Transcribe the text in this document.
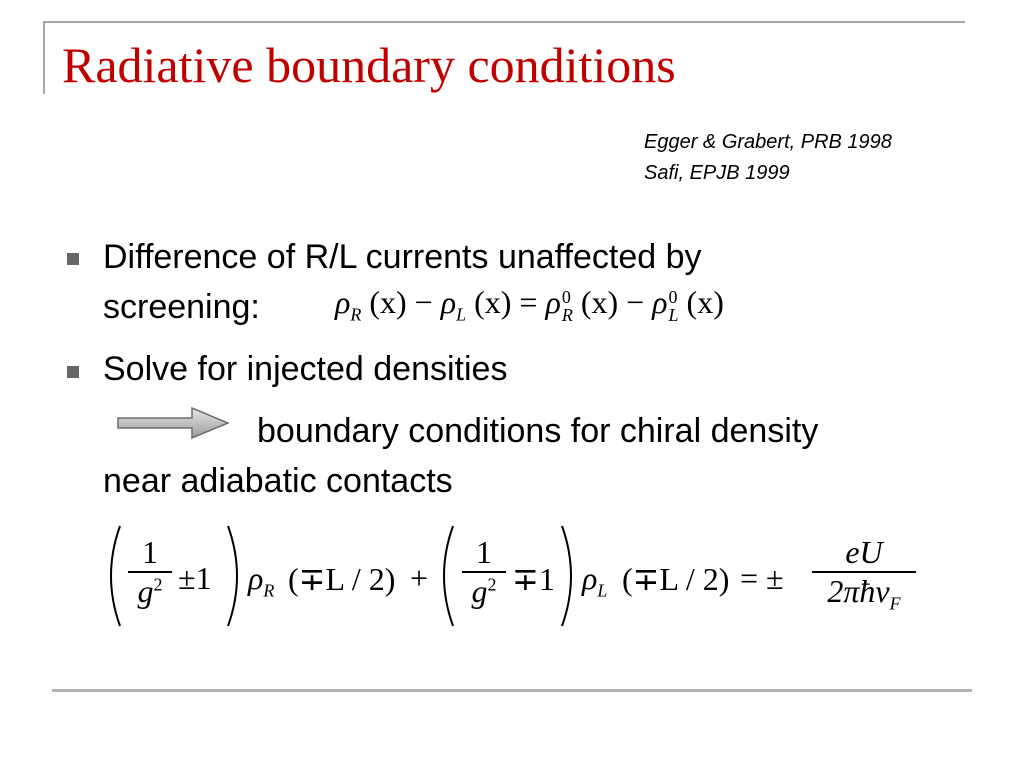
Radiative boundary conditions
Egger & Grabert, PRB 1998
Safi, EPJB 1999
Difference of R/L currents unaffected by
screening: $\rho_R$ $(x) - \rho_L$ (x) = ρ 0
R (x) − ρ 0
L (x)
Solve for injected densities
boundary conditions for chiral density
near adiabatic contacts
1
$g^2 \pm 1$ $\rho_R$ (∓L / 2) +
1
$g^2 \mp 1$ $\rho_L$ (∓L / 2) = ±
eU
2πħv$_F$
